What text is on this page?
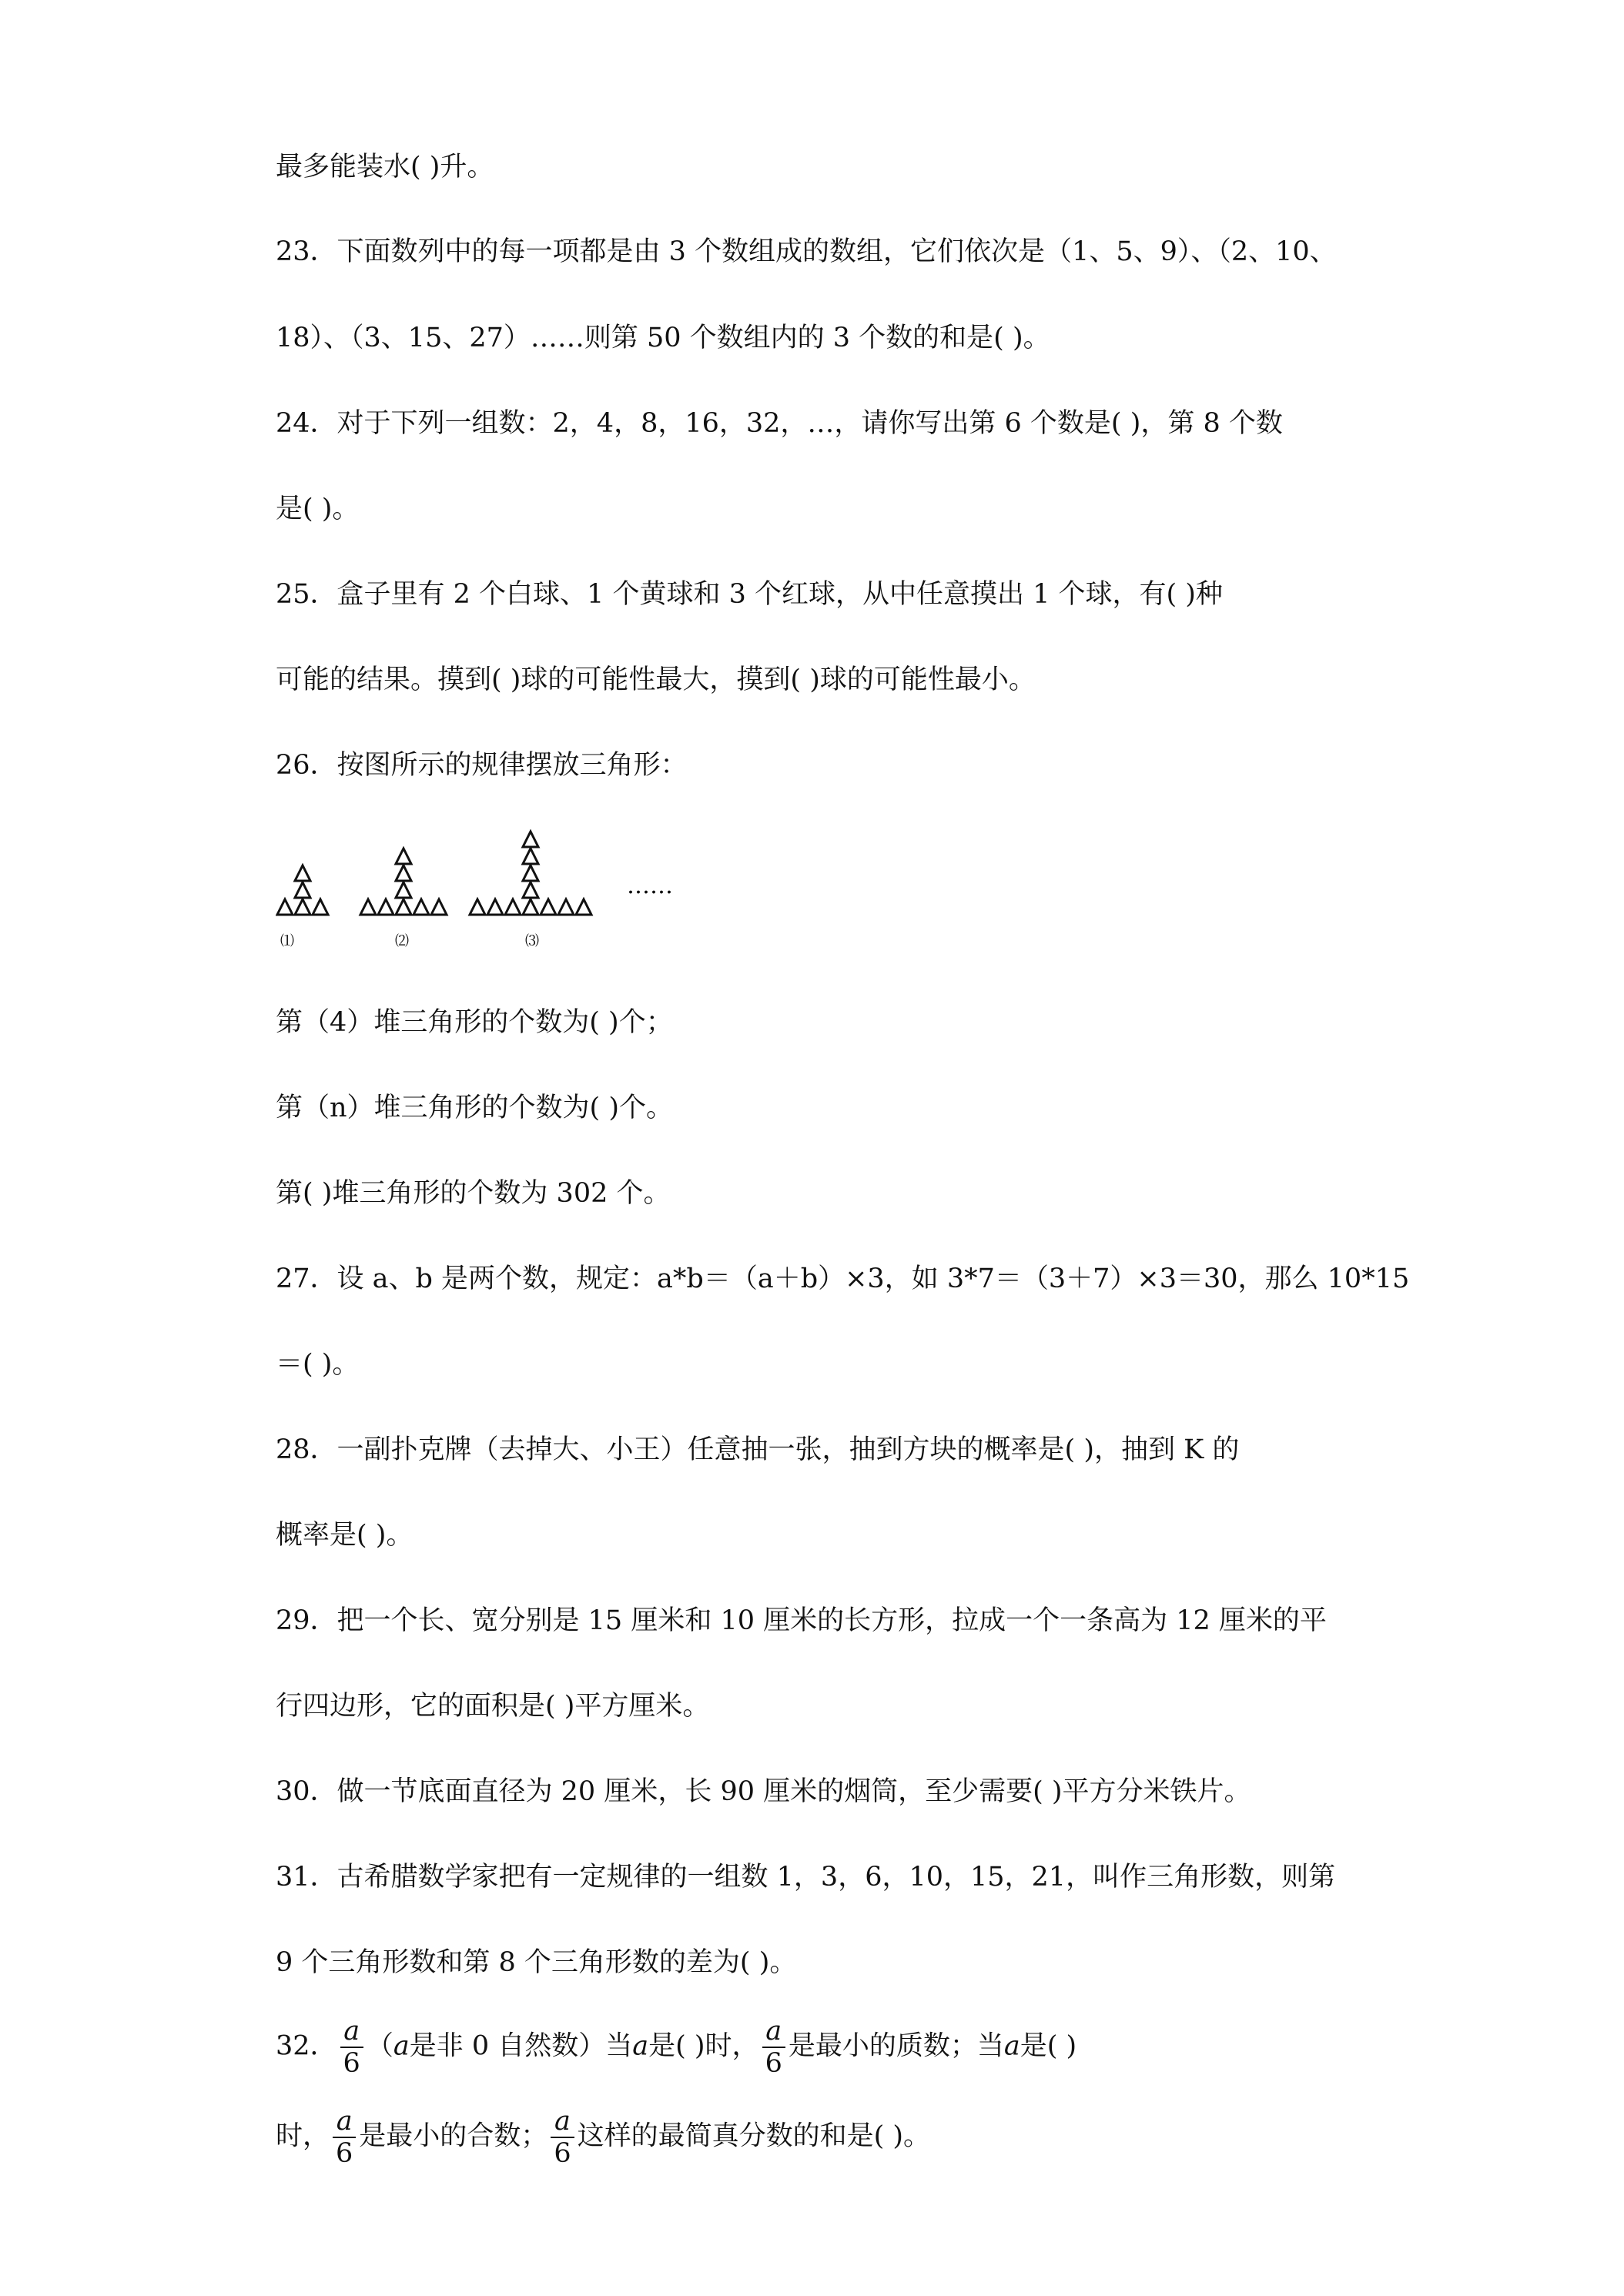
最多能装水( )升。
23．下面数列中的每一项都是由 3 个数组成的数组，它们依次是（1、5、9）、（2、10、
18）、（3、15、27）……则第 50 个数组内的 3 个数的和是( )。
24．对于下列一组数：2，4，8，16，32，…，请你写出第 6 个数是( )，第 8 个数
是( )。
25．盒子里有 2 个白球、1 个黄球和 3 个红球，从中任意摸出 1 个球，有( )种
可能的结果。摸到( )球的可能性最大，摸到( )球的可能性最小。
26．按图所示的规律摆放三角形：
⑴	⑵	⑶
……
第（4）堆三角形的个数为( )个；
第（n）堆三角形的个数为( )个。
第( )堆三角形的个数为 302 个。
27．设 a、b 是两个数，规定：a*b＝（a＋b）×3，如 3*7＝（3＋7）×3＝30，那么 10*15
＝( )。
28．一副扑克牌（去掉大、小王）任意抽一张，抽到方块的概率是( )，抽到 K 的
概率是( )。
29．把一个长、宽分别是 15 厘米和 10 厘米的长方形，拉成一个一条高为 12 厘米的平
行四边形，它的面积是( )平方厘米。
30．做一节底面直径为 20 厘米，长 90 厘米的烟筒，至少需要( )平方分米铁片。
31．古希腊数学家把有一定规律的一组数 1，3，6，10，15，21，叫作三角形数，则第
9 个三角形数和第 8 个三角形数的差为( )。
32． $\frac{a}{6} (a$是非 0 自然数）当a是( )时， $\frac{a}{6}$ 是最小的质数；当a是( )
时， $\frac{a}{6}$ 是最小的合数； $\frac{a}{6}$ 这样的最简真分数的和是( )。
